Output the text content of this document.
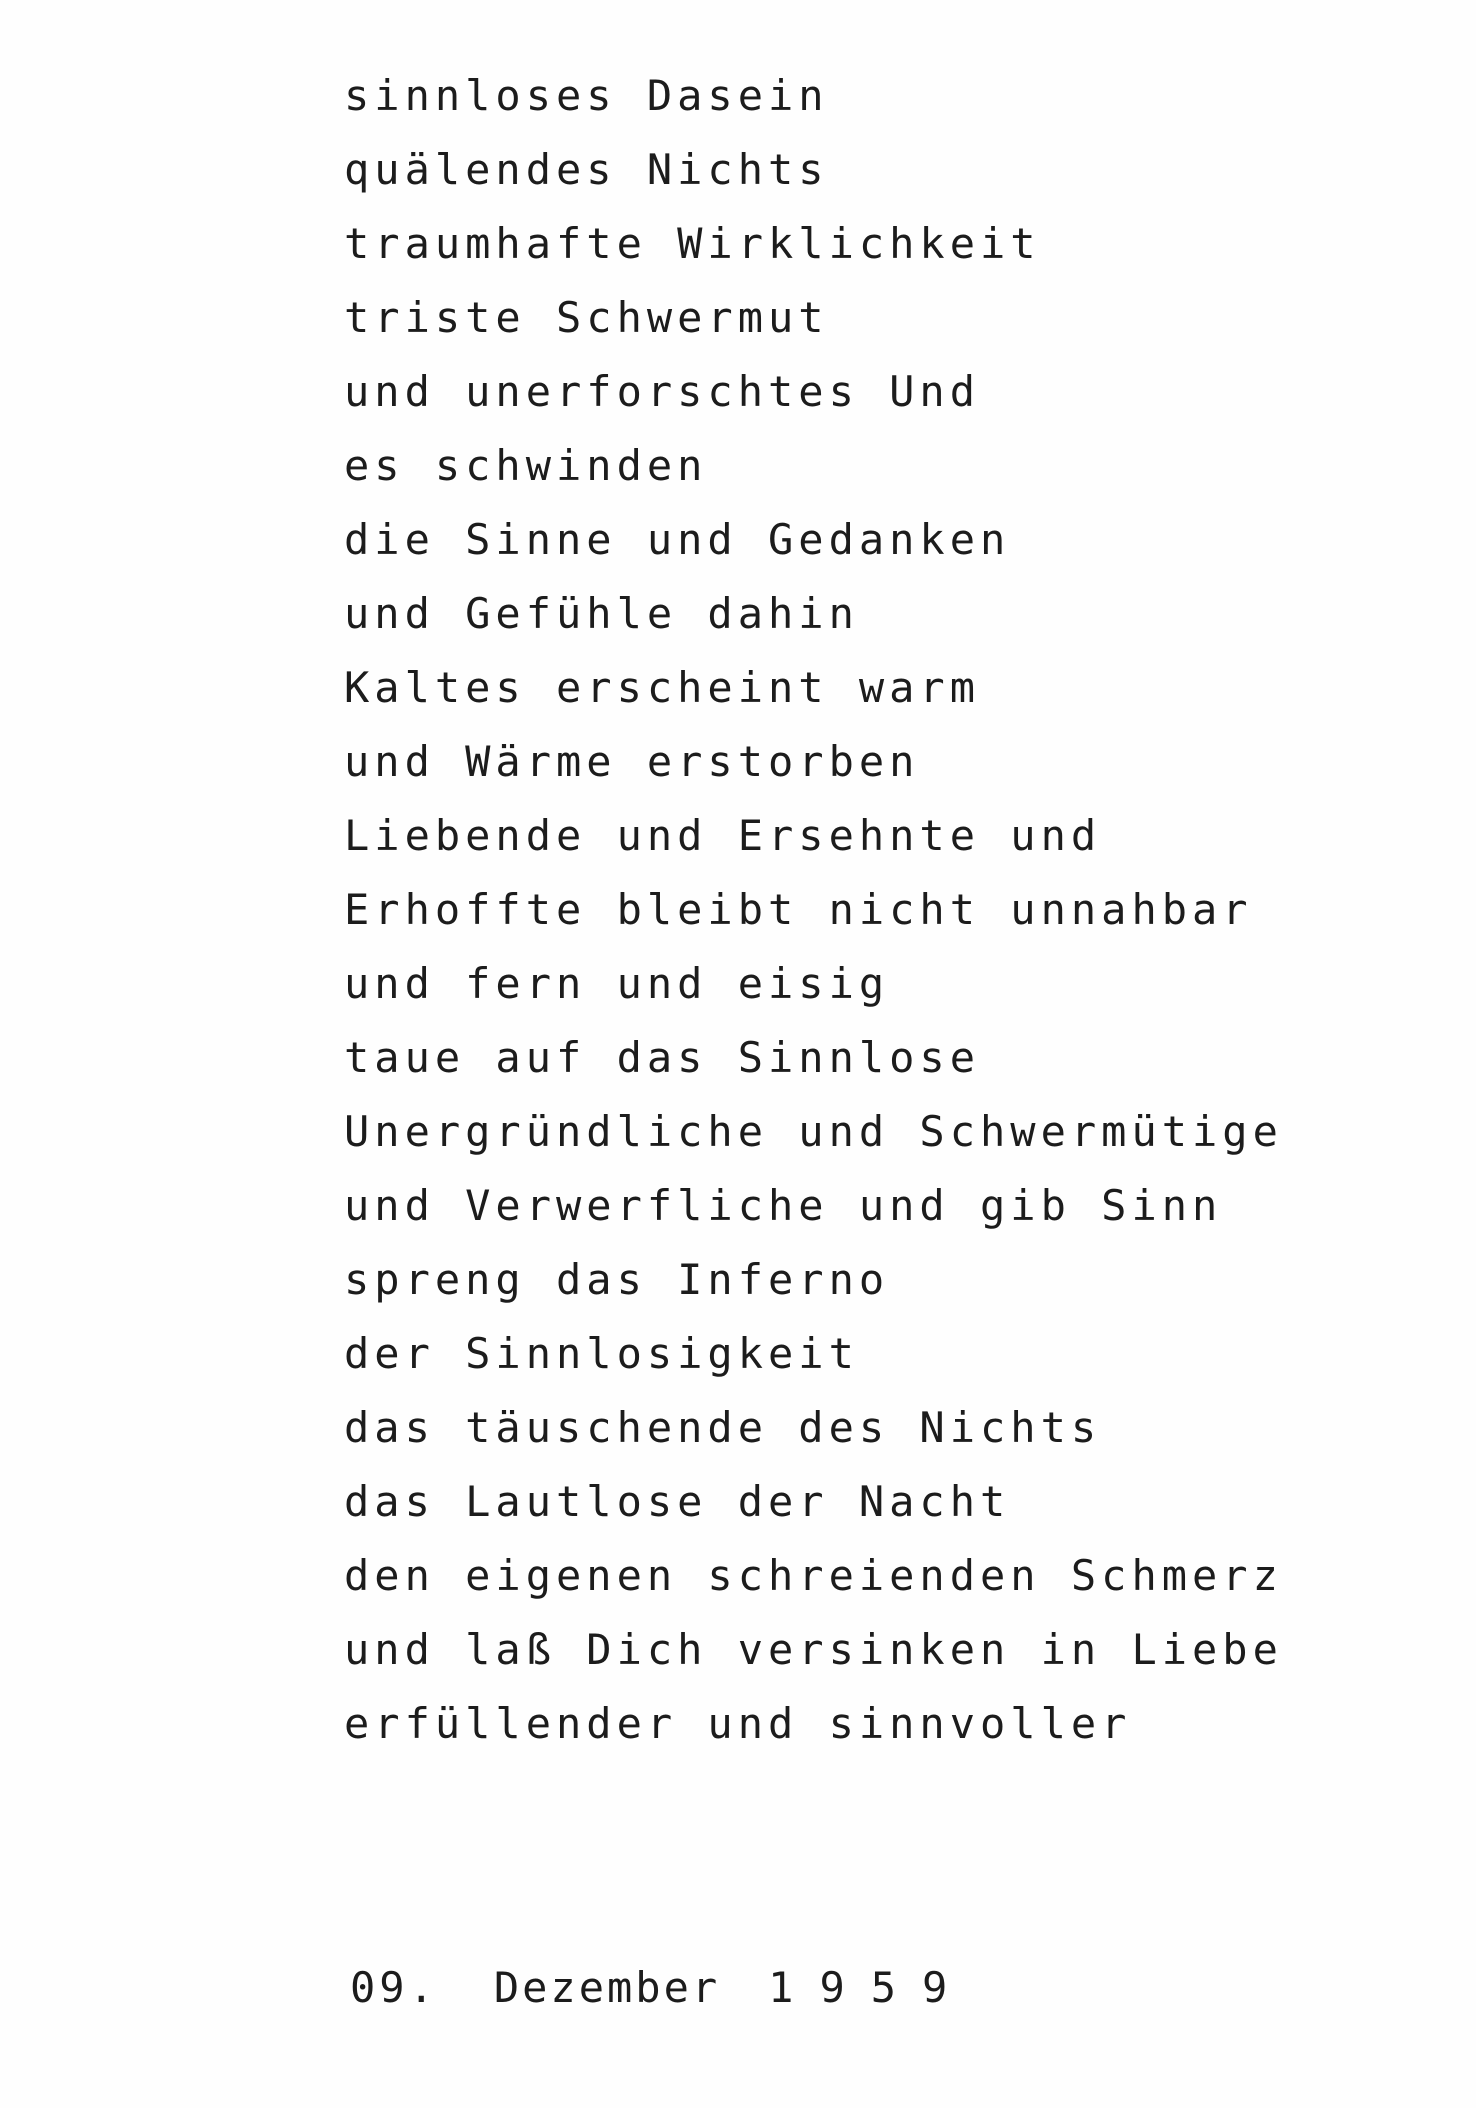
sinnloses Dasein
quälendes Nichts
traumhafte Wirklichkeit
triste Schwermut
und unerforschtes Und
es schwinden
die Sinne und Gedanken
und Gefühle dahin
Kaltes erscheint warm
und Wärme erstorben
Liebende und Ersehnte und
Erhoffte bleibt nicht unnahbar
und fern und eisig
taue auf das Sinnlose
Unergründliche und Schwermütige
und Verwerfliche und gib Sinn
spreng das Inferno
der Sinnlosigkeit
das täuschende des Nichts
das Lautlose der Nacht
den eigenen schreienden Schmerz
und laß Dich versinken in Liebe
erfüllender und sinnvoller
09. Dezember 1959
